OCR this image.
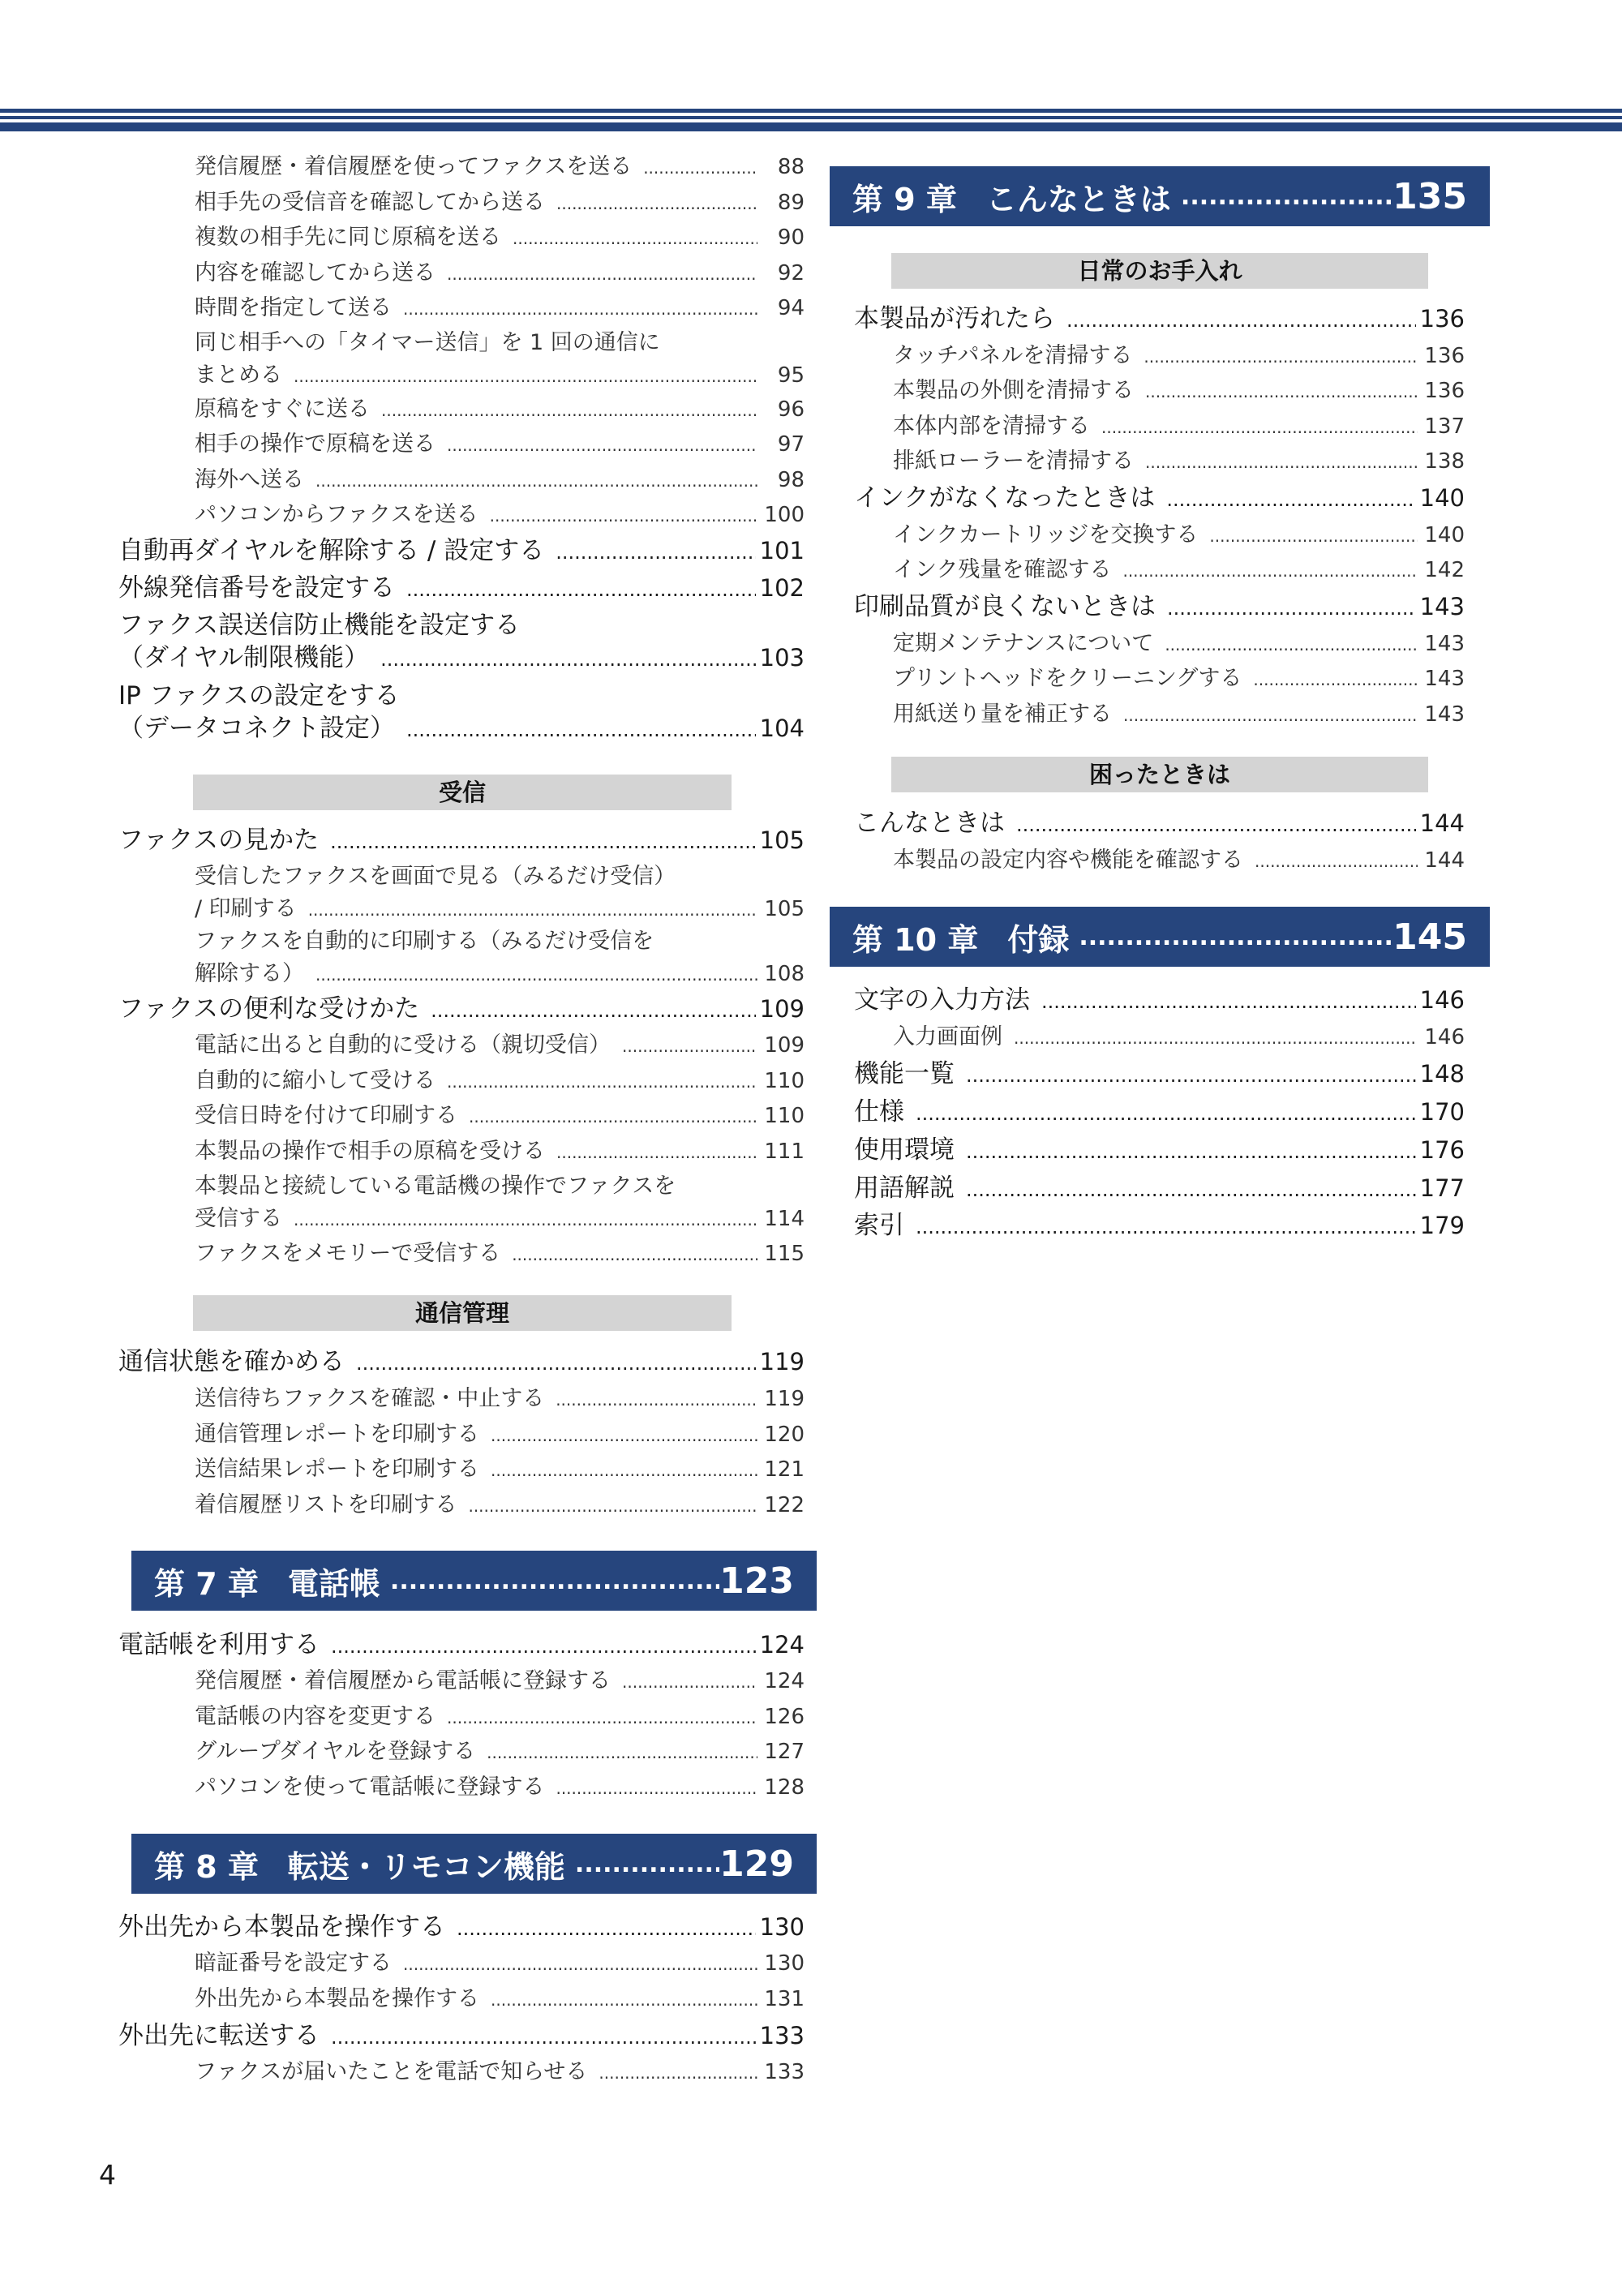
発信履歴・着信履歴を使ってファクスを送る .....	88
相手先の受信音を確認してから送る .....	89
複数の相手先に同じ原稿を送る .....	90
内容を確認してから送る .....	92
時間を指定して送る .....	94
同じ相手への「タイマー送信」を 1 回の通信に
まとめる .....	95
原稿をすぐに送る .....	96
相手の操作で原稿を送る .....	97
海外へ送る .....	98
パソコンからファクスを送る .....	100
自動再ダイヤルを解除する / 設定する .....	101
外線発信番号を設定する .....	102
ファクス誤送信防止機能を設定する
（ダイヤル制限機能） .....	103
IP ファクスの設定をする
（データコネクト設定） .....	104
受信
ファクスの見かた .....	105
受信したファクスを画面で見る（みるだけ受信）
/ 印刷する .....	105
ファクスを自動的に印刷する（みるだけ受信を
解除する） .....	108
ファクスの便利な受けかた .....	109
電話に出ると自動的に受ける（親切受信） .....	109
自動的に縮小して受ける .....	110
受信日時を付けて印刷する .....	110
本製品の操作で相手の原稿を受ける .....	111
本製品と接続している電話機の操作でファクスを
受信する .....	114
ファクスをメモリーで受信する .....	115
通信管理
通信状態を確かめる .....	119
送信待ちファクスを確認・中止する .....	119
通信管理レポートを印刷する .....	120
送信結果レポートを印刷する .....	121
着信履歴リストを印刷する .....	122
第 7 章 電話帳 .....	123
電話帳を利用する .....	124
発信履歴・着信履歴から電話帳に登録する .....	124
電話帳の内容を変更する .....	126
グループダイヤルを登録する .....	127
パソコンを使って電話帳に登録する .....	128
第 8 章 転送・リモコン機能 .....	129
外出先から本製品を操作する .....	130
暗証番号を設定する .....	130
外出先から本製品を操作する .....	131
外出先に転送する .....	133
ファクスが届いたことを電話で知らせる .....	133
第 9 章 こんなときは .....	135
日常のお手入れ
本製品が汚れたら .....	136
タッチパネルを清掃する .....	136
本製品の外側を清掃する .....	136
本体内部を清掃する .....	137
排紙ローラーを清掃する .....	138
インクがなくなったときは .....	140
インクカートリッジを交換する .....	140
インク残量を確認する .....	142
印刷品質が良くないときは .....	143
定期メンテナンスについて .....	143
プリントヘッドをクリーニングする .....	143
用紙送り量を補正する .....	143
困ったときは
こんなときは .....	144
本製品の設定内容や機能を確認する .....	144
第 10 章 付録 .....	145
文字の入力方法 .....	146
入力画面例 .....	146
機能一覧 .....	148
仕様 .....	170
使用環境 .....	176
用語解説 .....	177
索引 .....	179
4
